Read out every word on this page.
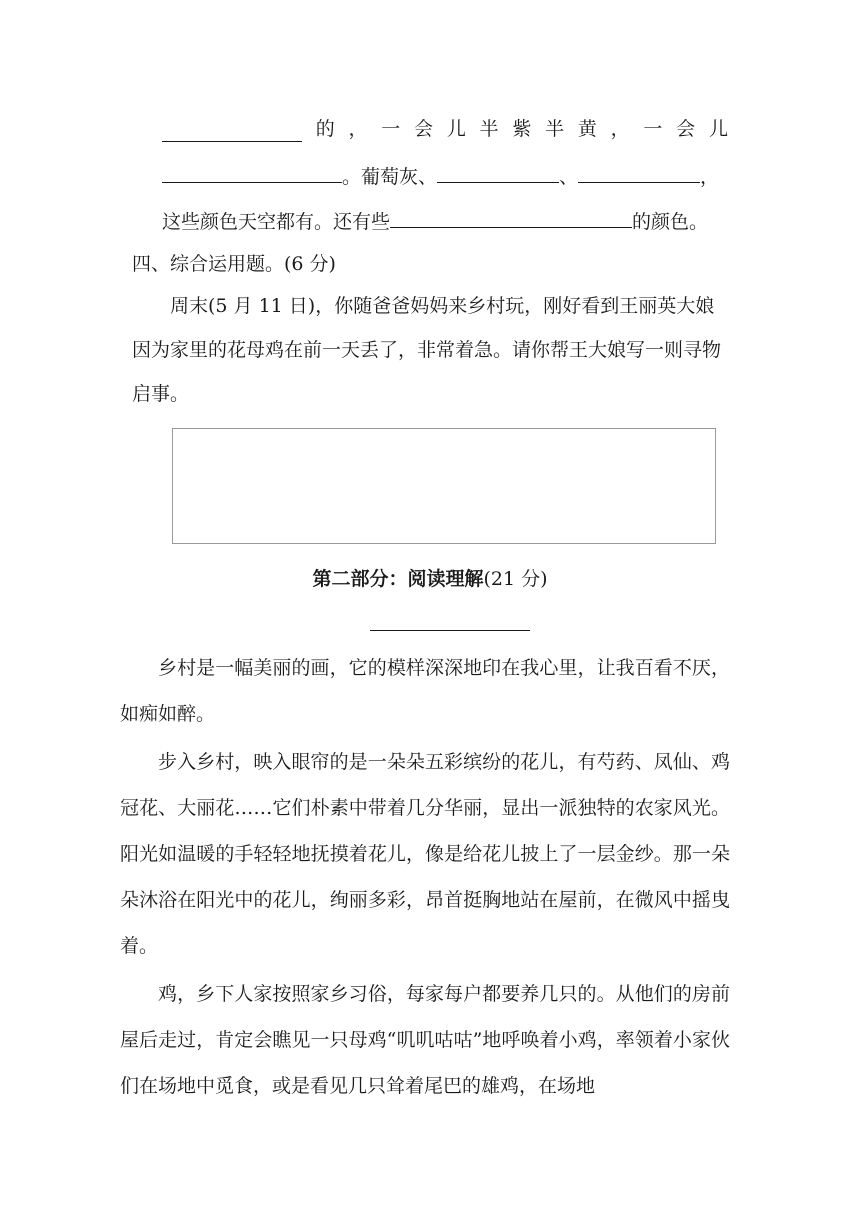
的 ， 一 会 儿 半 紫 半 黄 ， 一 会 儿
。葡萄灰、	、	，
这些颜色天空都有。还有些	的颜色。
四、综合运用题。(6 分)

周末(5 月 11 日)，你随爸爸妈妈来乡村玩，刚好看到王丽英大娘因为家里的花母鸡在前一天丢了，非常着急。请你帮王大娘写一则寻物启事。

第二部分：阅读理解(21 分)

乡村是一幅美丽的画，它的模样深深地印在我心里，让我百看不厌，如痴如醉。

步入乡村，映入眼帘的是一朵朵五彩缤纷的花儿，有芍药、凤仙、鸡冠花、大丽花……它们朴素中带着几分华丽，显出一派独特的农家风光。阳光如温暖的手轻轻地抚摸着花儿，像是给花儿披上了一层金纱。那一朵朵沐浴在阳光中的花儿，绚丽多彩，昂首挺胸地站在屋前，在微风中摇曳着。

鸡，乡下人家按照家乡习俗，每家每户都要养几只的。从他们的房前屋后走过，肯定会瞧见一只母鸡“叽叽咕咕”地呼唤着小鸡，率领着小家伙们在场地中觅食，或是看见几只耸着尾巴的雄鸡，在场地
